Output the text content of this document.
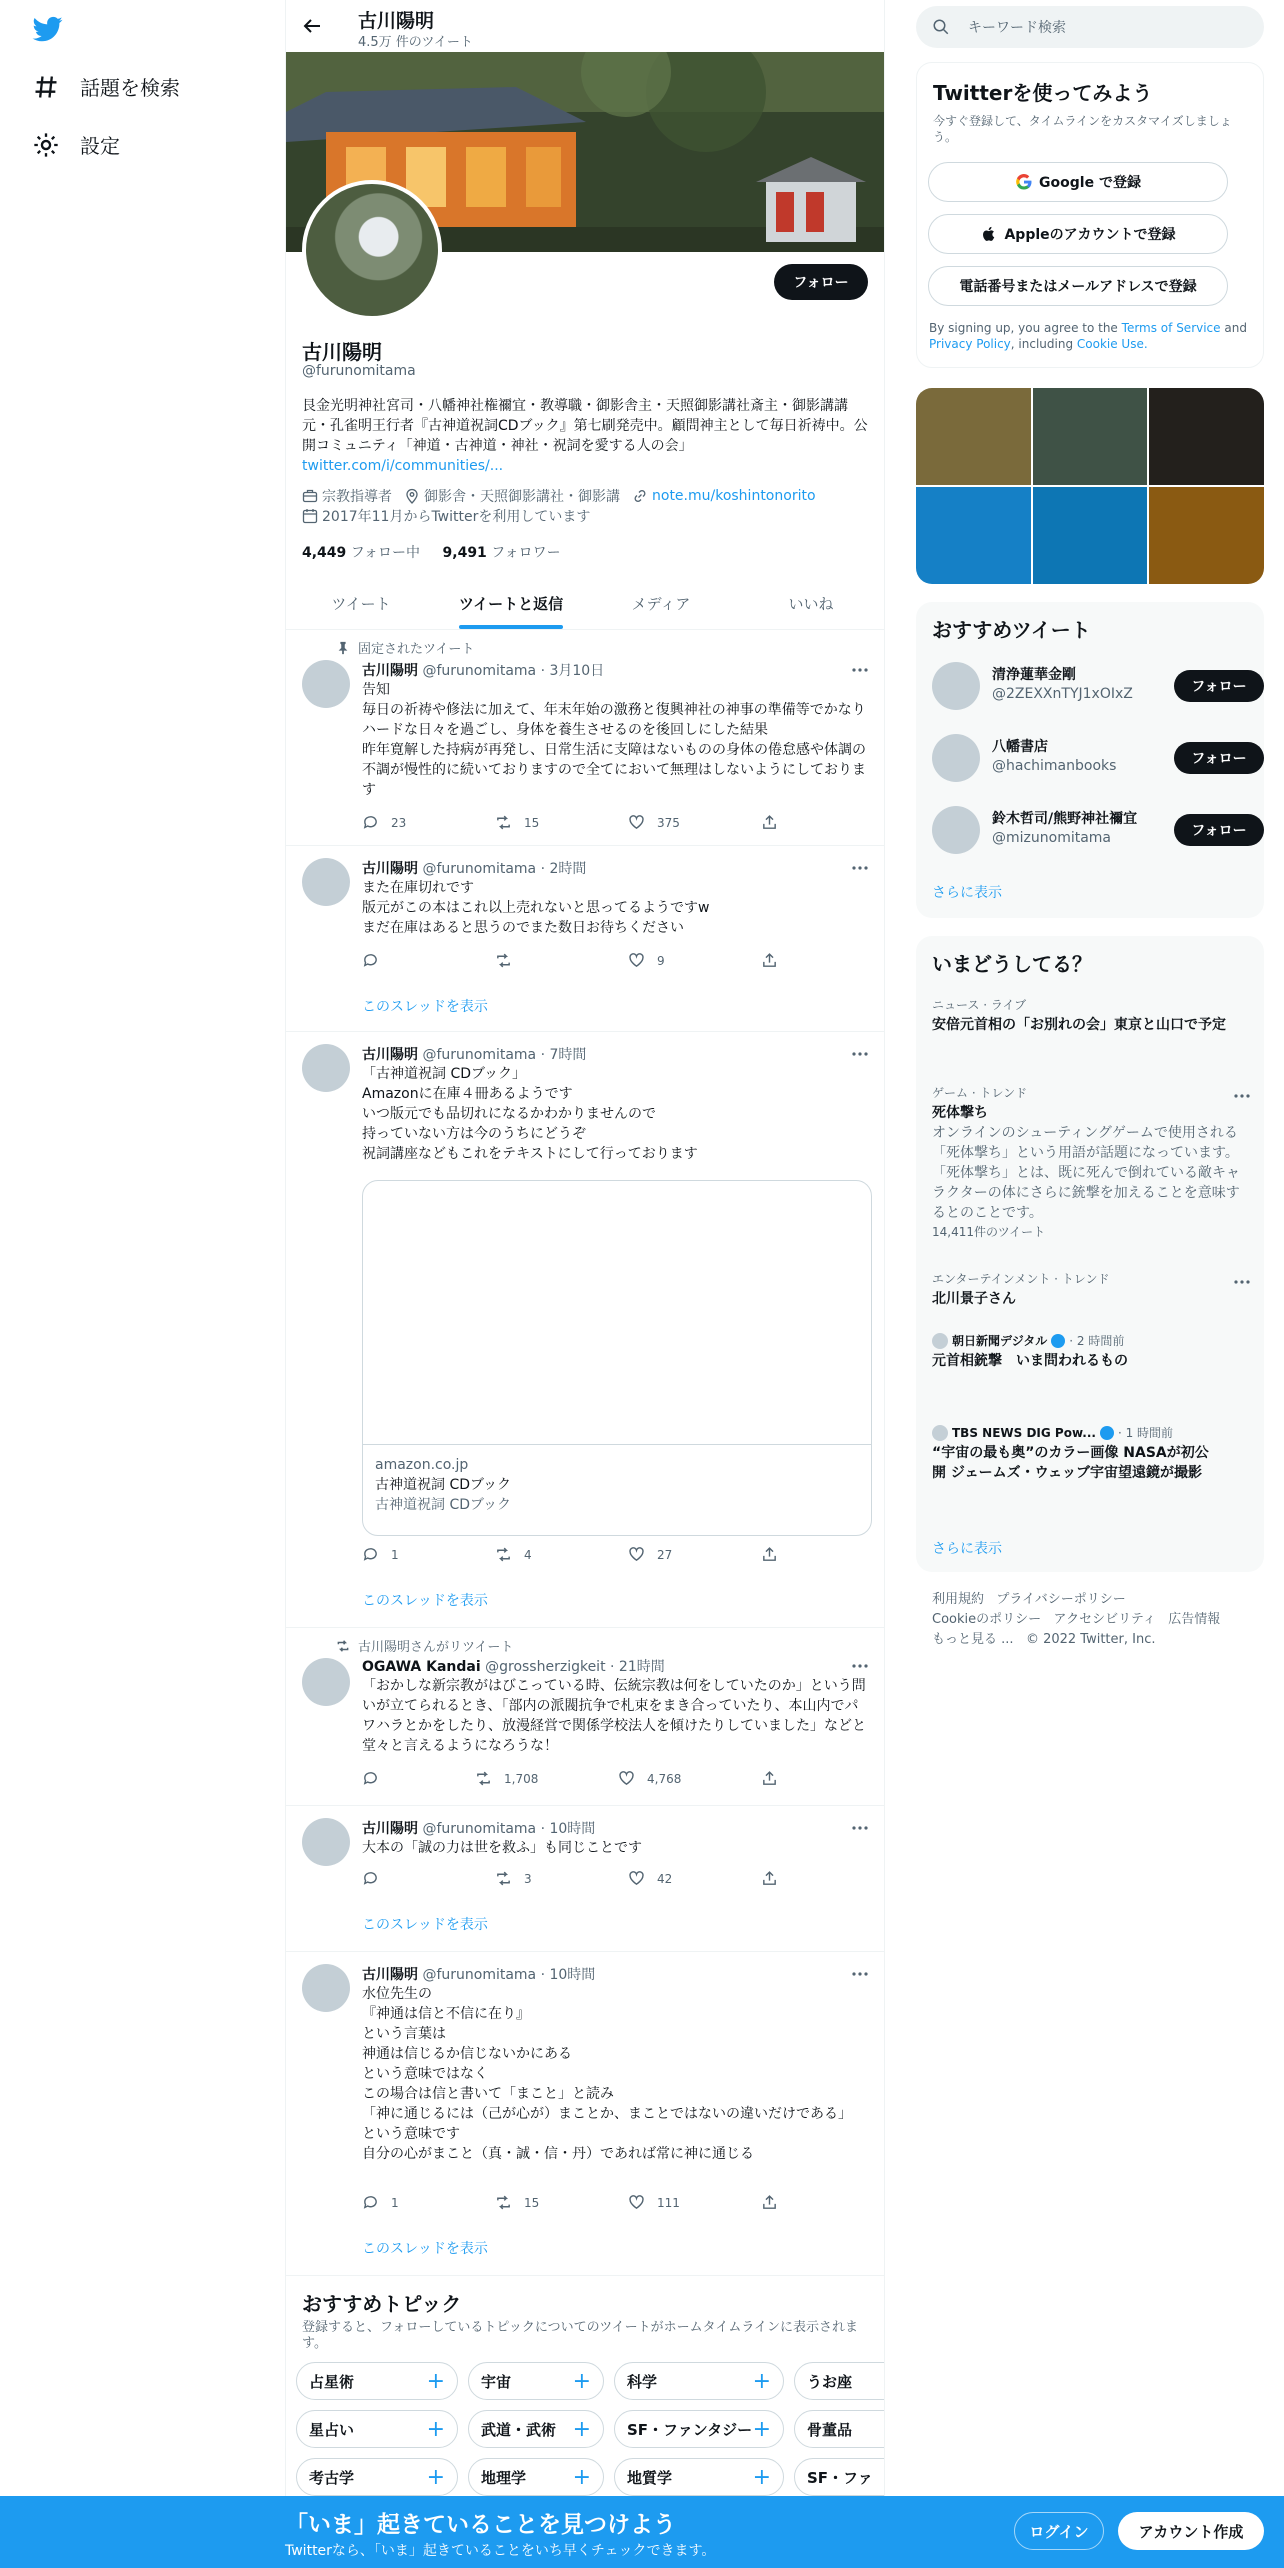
話題を検索
設定
古川陽明
4.5万 件のツイート
フォロー
古川陽明
@furunomitama
艮金光明神社宮司・八幡神社権禰宜・教導職・御影舎主・天照御影講社斎主・御影講講元・孔雀明王行者『古神道祝詞CDブック』第七刷発売中。顧問神主として毎日祈祷中。公開コミュニティ「神道・古神道・神社・祝詞を愛する人の会」 twitter.com/i/communities/...
宗教指導者 御影舎・天照御影講社・御影講 note.mu/koshintonorito
2017年11月からTwitterを利用しています
4,449 フォロー中 9,491 フォロワー
ツイート	ツイートと返信	メディア	いいね
固定されたツイート
古川陽明 @furunomitama · 3月10日
告知
毎日の祈祷や修法に加えて、年末年始の激務と復興神社の神事の準備等でかなりハードな日々を過ごし、身体を養生させるのを後回しにした結果
昨年寛解した持病が再発し、日常生活に支障はないものの身体の倦怠感や体調の不調が慢性的に続いておりますので全てにおいて無理はしないようにしております
23	15	375
古川陽明 @furunomitama · 2時間
また在庫切れです
版元がこの本はこれ以上売れないと思ってるようですw
まだ在庫はあると思うのでまた数日お待ちください
9
このスレッドを表示
古川陽明 @furunomitama · 7時間
「古神道祝詞 CDブック」
Amazonに在庫４冊あるようです
いつ版元でも品切れになるかわかりませんので
持っていない方は今のうちにどうぞ
祝詞講座などもこれをテキストにして行っております
amazon.co.jp
古神道祝詞 CDブック
古神道祝詞 CDブック
1	4	27
このスレッドを表示
古川陽明さんがリツイート
OGAWA Kandai @grossherzigkeit · 21時間
「おかしな新宗教がはびこっている時、伝統宗教は何をしていたのか」という問いが立てられるとき、「部内の派閥抗争で札束をまき合っていたり、本山内でパワハラとかをしたり、放漫経営で関係学校法人を傾けたりしていました」などと堂々と言えるようになろうな！
1,708	4,768
古川陽明 @furunomitama · 10時間
大本の「誠の力は世を救ふ」も同じことです
3	42
このスレッドを表示
古川陽明 @furunomitama · 10時間
水位先生の
『神通は信と不信に在り』
という言葉は
神通は信じるか信じないかにある
という意味ではなく
この場合は信と書いて「まこと」と読み
「神に通じるには（己が心が）まことか、まことではないの違いだけである」
という意味です
自分の心がまこと（真・誠・信・丹）であれば常に神に通じる
1	15	111
このスレッドを表示
おすすめトピック
登録すると、フォローしているトピックについてのツイートがホームタイムラインに表示されます。
占星術	+ 宇宙	+ 科学	+ うお座
星占い	+ 武道・武術 + SF・ファンタジー + 骨董品
考古学	+ 地理学 + 地質学	+ SF・ファ
キーワード検索
Twitterを使ってみよう
今すぐ登録して、タイムラインをカスタマイズしましょう。
Google で登録
Appleのアカウントで登録
電話番号またはメールアドレスで登録
By signing up, you agree to the Terms of Service and Privacy Policy, including Cookie Use.
おすすめツイート
清浄蓮華金剛
@2ZEXXnTYJ1xOIxZ	フォロー
八幡書店
@hachimanbooks	フォロー
鈴木哲司/熊野神社禰宜
@mizunomitama	フォロー
さらに表示
いまどうしてる？
ニュース · ライブ
安倍元首相の「お別れの会」東京と山口で予定
ゲーム · トレンド
死体撃ち
オンラインのシューティングゲームで使用される「死体撃ち」という用語が話題になっています。「死体撃ち」とは、既に死んで倒れている敵キャラクターの体にさらに銃撃を加えることを意味するとのことです。
14,411件のツイート
エンターテインメント · トレンド
北川景子さん
朝日新聞デジタル · 2 時間前
元首相銃撃　いま問われるもの
TBS NEWS DIG Pow... · 1 時間前
“宇宙の最も奥”のカラー画像 NASAが初公開 ジェームズ・ウェッブ宇宙望遠鏡が撮影
さらに表示
利用規約 プライバシーポリシー
Cookieのポリシー アクセシビリティ 広告情報
もっと見る ... © 2022 Twitter, Inc.
「いま」起きていることを見つけよう
Twitterなら、「いま」起きていることをいち早くチェックできます。
ログイン	アカウント作成
